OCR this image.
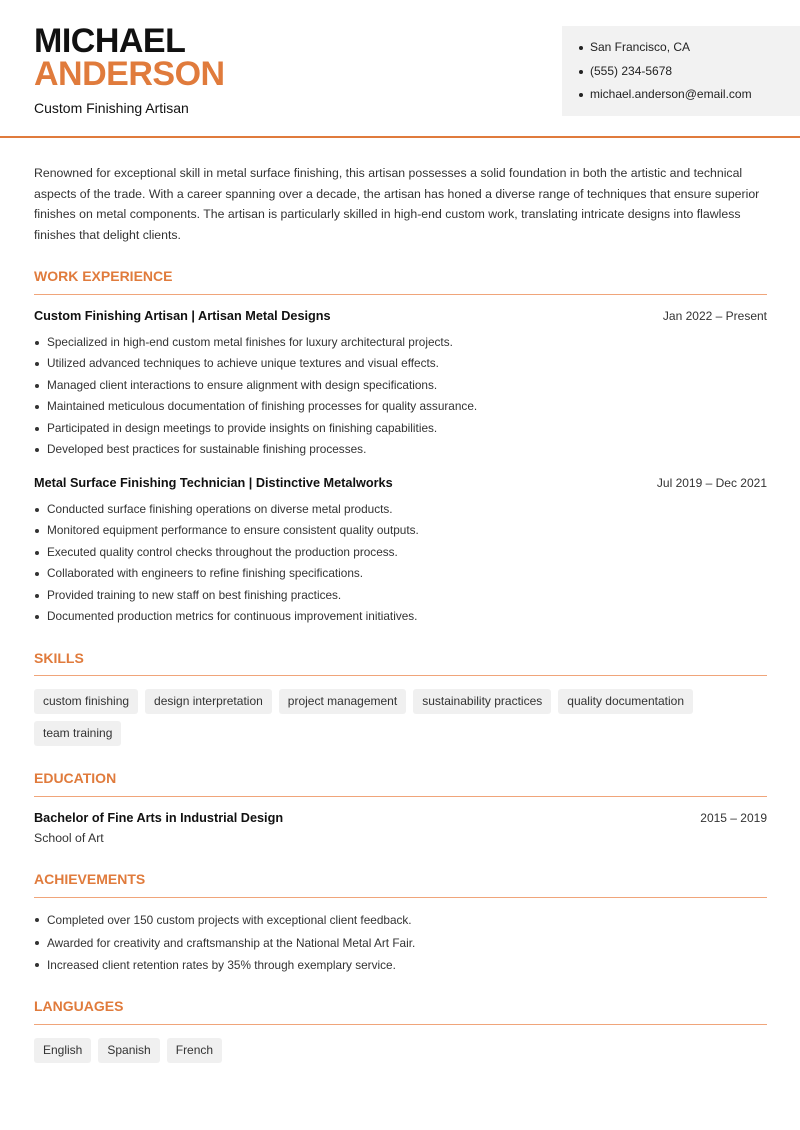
MICHAEL
ANDERSON
Custom Finishing Artisan
San Francisco, CA
(555) 234-5678
michael.anderson@email.com
Renowned for exceptional skill in metal surface finishing, this artisan possesses a solid foundation in both the artistic and technical aspects of the trade. With a career spanning over a decade, the artisan has honed a diverse range of techniques that ensure superior finishes on metal components. The artisan is particularly skilled in high-end custom work, translating intricate designs into flawless finishes that delight clients.
WORK EXPERIENCE
Custom Finishing Artisan | Artisan Metal Designs	Jan 2022 – Present
Specialized in high-end custom metal finishes for luxury architectural projects.
Utilized advanced techniques to achieve unique textures and visual effects.
Managed client interactions to ensure alignment with design specifications.
Maintained meticulous documentation of finishing processes for quality assurance.
Participated in design meetings to provide insights on finishing capabilities.
Developed best practices for sustainable finishing processes.
Metal Surface Finishing Technician | Distinctive Metalworks	Jul 2019 – Dec 2021
Conducted surface finishing operations on diverse metal products.
Monitored equipment performance to ensure consistent quality outputs.
Executed quality control checks throughout the production process.
Collaborated with engineers to refine finishing specifications.
Provided training to new staff on best finishing practices.
Documented production metrics for continuous improvement initiatives.
SKILLS
custom finishing	design interpretation	project management	sustainability practices	quality documentation
team training
EDUCATION
Bachelor of Fine Arts in Industrial Design	2015 – 2019
School of Art
ACHIEVEMENTS
Completed over 150 custom projects with exceptional client feedback.
Awarded for creativity and craftsmanship at the National Metal Art Fair.
Increased client retention rates by 35% through exemplary service.
LANGUAGES
English	Spanish	French
